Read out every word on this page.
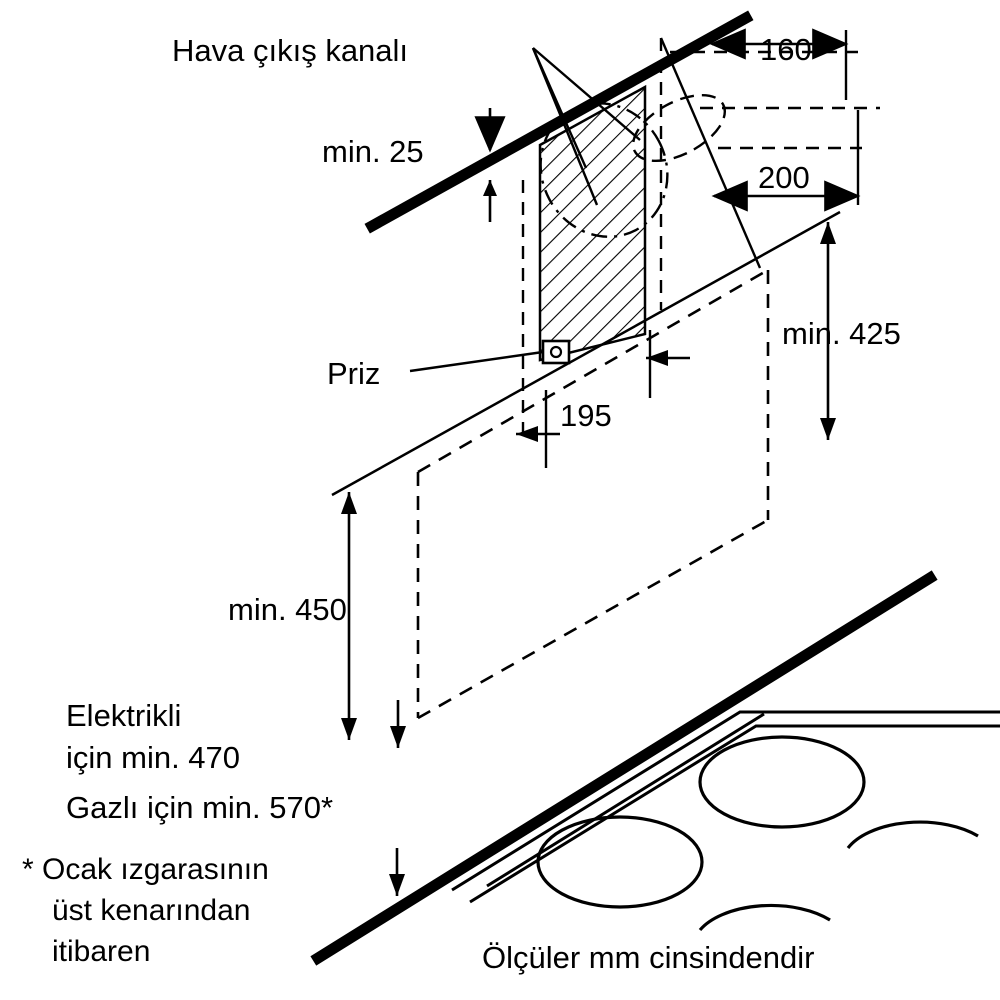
Hava çıkış kanalı
min. 25
160
200
Priz
195
min. 425
min. 450
Elektrikli
için min. 470
Gazlı için min. 570*
* Ocak ızgarasının
üst kenarından
itibaren	Ölçüler mm cinsindendir
